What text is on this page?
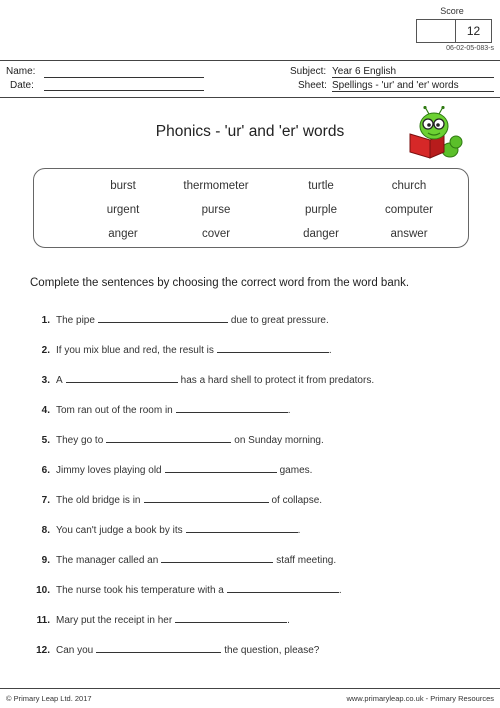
Score
12
06-02-05-083-s
Name:
Date:
Subject: Year 6 English
Sheet: Spellings - 'ur' and 'er' words
Phonics - 'ur' and 'er' words
burst	thermometer	turtle	church
urgent	purse	purple	computer
anger	cover	danger	answer
Complete the sentences by choosing the correct word from the word bank.
1. The pipe	due to great pressure.
2. If you mix blue and red, the result is	.
3. A	has a hard shell to protect it from predators.
4. Tom ran out of the room in	.
5. They go to	on Sunday morning.
6. Jimmy loves playing old	games.
7. The old bridge is in	of collapse.
8. You can't judge a book by its	.
9. The manager called an	staff meeting.
10. The nurse took his temperature with a	.
11. Mary put the receipt in her	.
12. Can you	the question, please?
© Primary Leap Ltd. 2017	www.primaryleap.co.uk - Primary Resources
